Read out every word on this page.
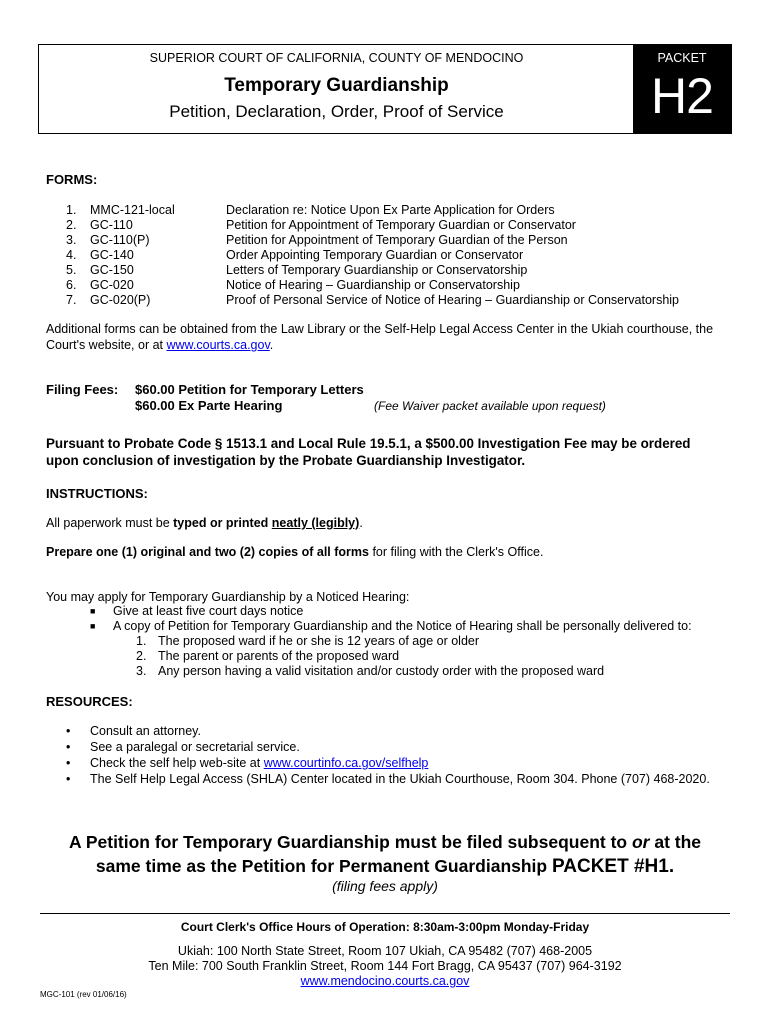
SUPERIOR COURT OF CALIFORNIA, COUNTY OF MENDOCINO
Temporary Guardianship
Petition, Declaration, Order, Proof of Service
PACKET
H2
FORMS:
1. MMC-121-local	Declaration re: Notice Upon Ex Parte Application for Orders
2. GC-110	Petition for Appointment of Temporary Guardian or Conservator
3. GC-110(P)	Petition for Appointment of Temporary Guardian of the Person
4. GC-140	Order Appointing Temporary Guardian or Conservator
5. GC-150	Letters of Temporary Guardianship or Conservatorship
6. GC-020	Notice of Hearing – Guardianship or Conservatorship
7. GC-020(P)	Proof of Personal Service of Notice of Hearing – Guardianship or Conservatorship
Additional forms can be obtained from the Law Library or the Self-Help Legal Access Center in the Ukiah courthouse, the
Court's website, or at www.courts.ca.gov.
Filing Fees: $60.00 Petition for Temporary Letters
$60.00 Ex Parte Hearing	(Fee Waiver packet available upon request)
Pursuant to Probate Code § 1513.1 and Local Rule 19.5.1, a $500.00 Investigation Fee may be ordered
upon conclusion of investigation by the Probate Guardianship Investigator.
INSTRUCTIONS:
All paperwork must be typed or printed neatly (legibly).
Prepare one (1) original and two (2) copies of all forms for filing with the Clerk's Office.
You may apply for Temporary Guardianship by a Noticed Hearing:
■ Give at least five court days notice
■ A copy of Petition for Temporary Guardianship and the Notice of Hearing shall be personally delivered to:
1. The proposed ward if he or she is 12 years of age or older
2. The parent or parents of the proposed ward
3. Any person having a valid visitation and/or custody order with the proposed ward
RESOURCES:
• Consult an attorney.
• See a paralegal or secretarial service.
• Check the self help web-site at www.courtinfo.ca.gov/selfhelp
• The Self Help Legal Access (SHLA) Center located in the Ukiah Courthouse, Room 304. Phone (707) 468-2020.
A Petition for Temporary Guardianship must be filed subsequent to or at the
same time as the Petition for Permanent Guardianship PACKET #H1.
(filing fees apply)
Court Clerk's Office Hours of Operation: 8:30am-3:00pm Monday-Friday
Ukiah: 100 North State Street, Room 107 Ukiah, CA 95482 (707) 468-2005
Ten Mile: 700 South Franklin Street, Room 144 Fort Bragg, CA 95437 (707) 964-3192
www.mendocino.courts.ca.gov
MGC-101 (rev 01/06/16)
